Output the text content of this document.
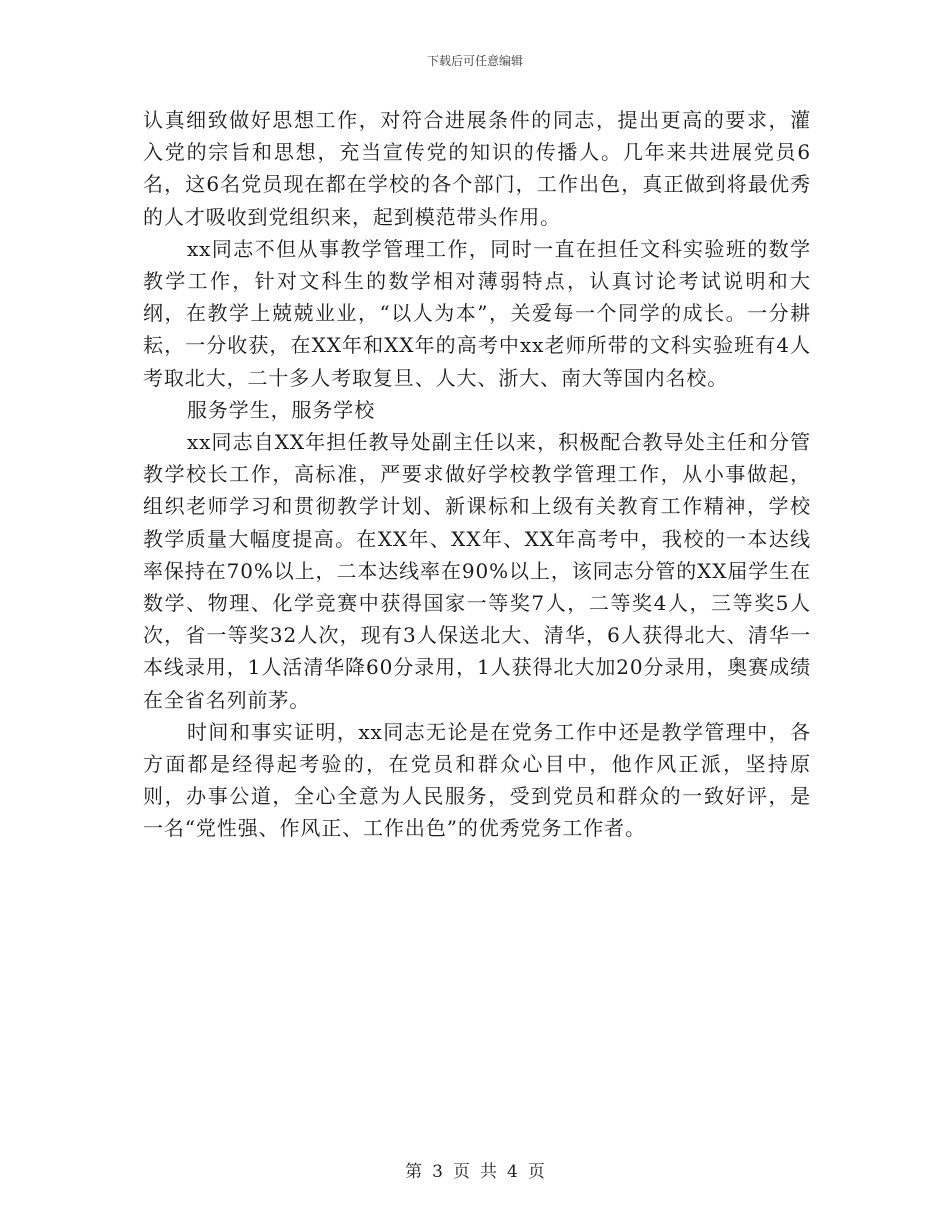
下载后可任意编辑

认真细致做好思想工作，对符合进展条件的同志，提出更高的要求，灌入党的宗旨和思想，充当宣传党的知识的传播人。几年来共进展党员6名，这6名党员现在都在学校的各个部门，工作出色，真正做到将最优秀的人才吸收到党组织来，起到模范带头作用。

xx同志不但从事教学管理工作，同时一直在担任文科实验班的数学教学工作，针对文科生的数学相对薄弱特点，认真讨论考试说明和大纲，在教学上兢兢业业，“以人为本”，关爱每一个同学的成长。一分耕耘，一分收获，在XX年和XX年的高考中xx老师所带的文科实验班有4人考取北大，二十多人考取复旦、人大、浙大、南大等国内名校。

服务学生，服务学校

xx同志自XX年担任教导处副主任以来，积极配合教导处主任和分管教学校长工作，高标准，严要求做好学校教学管理工作，从小事做起，组织老师学习和贯彻教学计划、新课标和上级有关教育工作精神，学校教学质量大幅度提高。在XX年、XX年、XX年高考中，我校的一本达线率保持在70%以上，二本达线率在90%以上，该同志分管的XX届学生在数学、物理、化学竞赛中获得国家一等奖7人，二等奖4人，三等奖5人次，省一等奖32人次，现有3人保送北大、清华，6人获得北大、清华一本线录用，1人活清华降60分录用，1人获得北大加20分录用，奥赛成绩在全省名列前茅。

时间和事实证明，xx同志无论是在党务工作中还是教学管理中，各方面都是经得起考验的，在党员和群众心目中，他作风正派，坚持原则，办事公道，全心全意为人民服务，受到党员和群众的一致好评，是一名“党性强、作风正、工作出色”的优秀党务工作者。

第 3 页 共 4 页
